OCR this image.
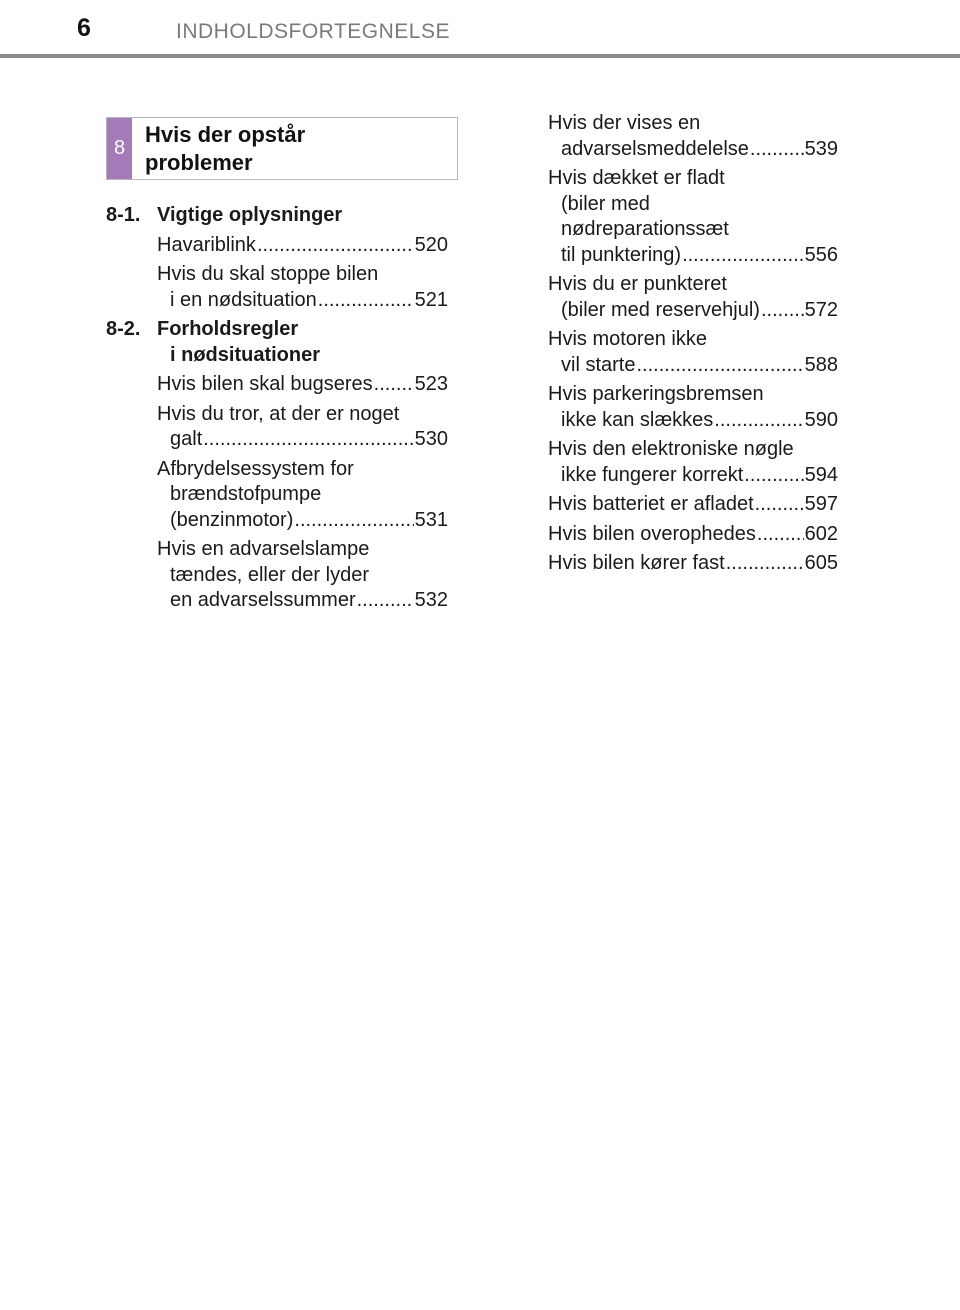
6	INDHOLDSFORTEGNELSE
8
Hvis der opstår
problemer
8-1. Vigtige oplysninger
Havariblink .....	520
Hvis du skal stoppe bilen
i en nødsituation .....	521
8-2. Forholdsregler
i nødsituationer
Hvis bilen skal bugseres ..... 523
Hvis du tror, at der er noget
galt .....	530
Afbrydelsessystem for
brændstofpumpe
(benzinmotor) .....	531
Hvis en advarselslampe
tændes, eller der lyder
en advarselssummer .....	532
Hvis der vises en
advarselsmeddelelse .....	539
Hvis dækket er fladt
(biler med
nødreparationssæt
til punktering) .....	556
Hvis du er punkteret
(biler med reservehjul) ..... 572
Hvis motoren ikke
vil starte .....	588
Hvis parkeringsbremsen
ikke kan slækkes .....	590
Hvis den elektroniske nøgle
ikke fungerer korrekt .....	594
Hvis batteriet er afladet .....	597
Hvis bilen overophedes ..... 602
Hvis bilen kører fast .....	605
